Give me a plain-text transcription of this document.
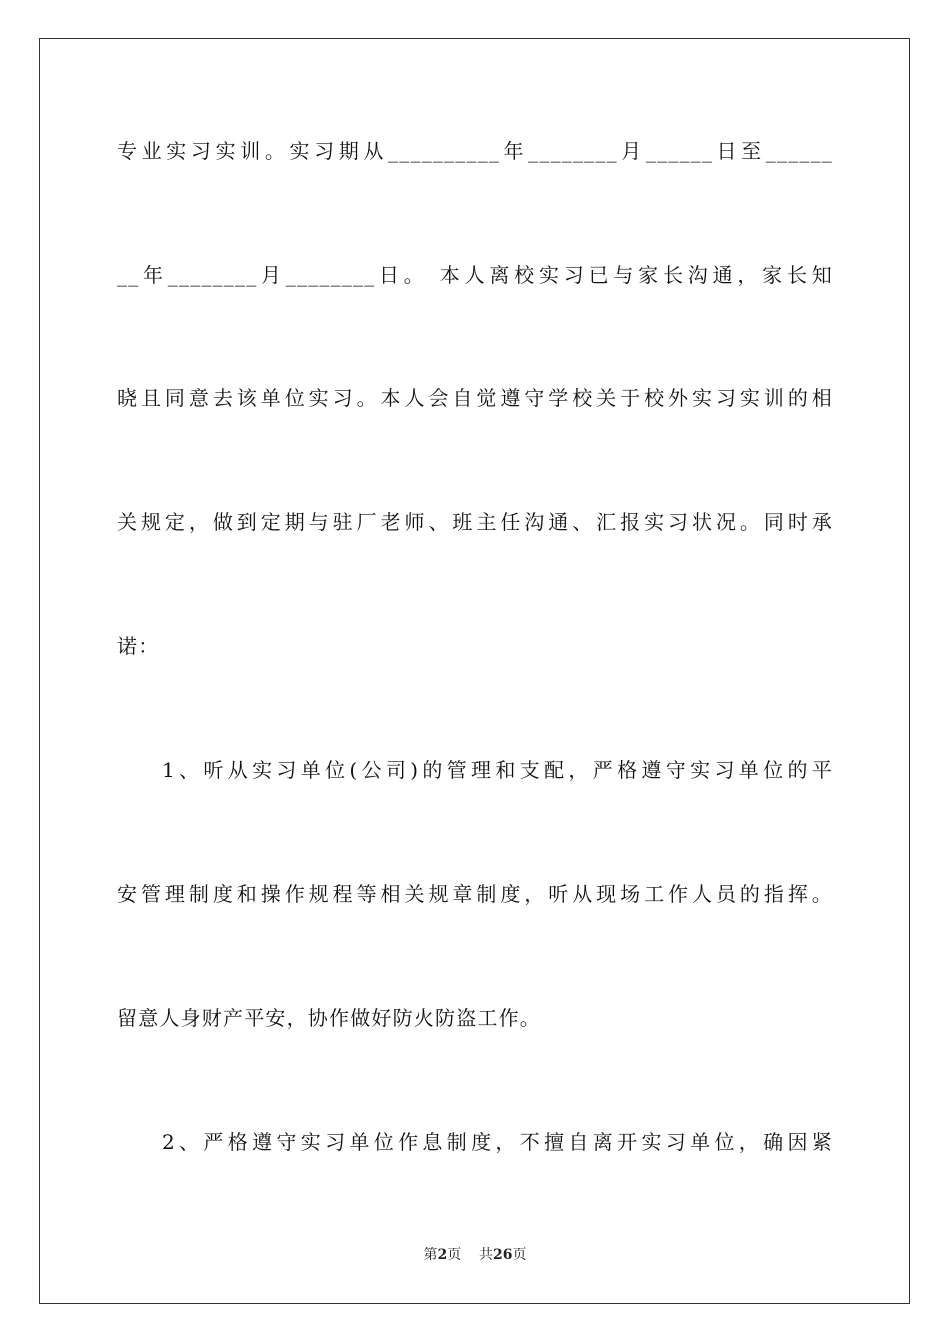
专业实习实训。实习期从__________年________月______日至______
__年________月________日。 本人离校实习已与家长沟通，家长知
晓且同意去该单位实习。本人会自觉遵守学校关于校外实习实训的相
关规定，做到定期与驻厂老师、班主任沟通、汇报实习状况。同时承
诺：
1、听从实习单位(公司)的管理和支配，严格遵守实习单位的平
安管理制度和操作规程等相关规章制度，听从现场工作人员的指挥。
留意人身财产平安，协作做好防火防盗工作。
2、严格遵守实习单位作息制度，不擅自离开实习单位，确因紧
第2页 共26页
